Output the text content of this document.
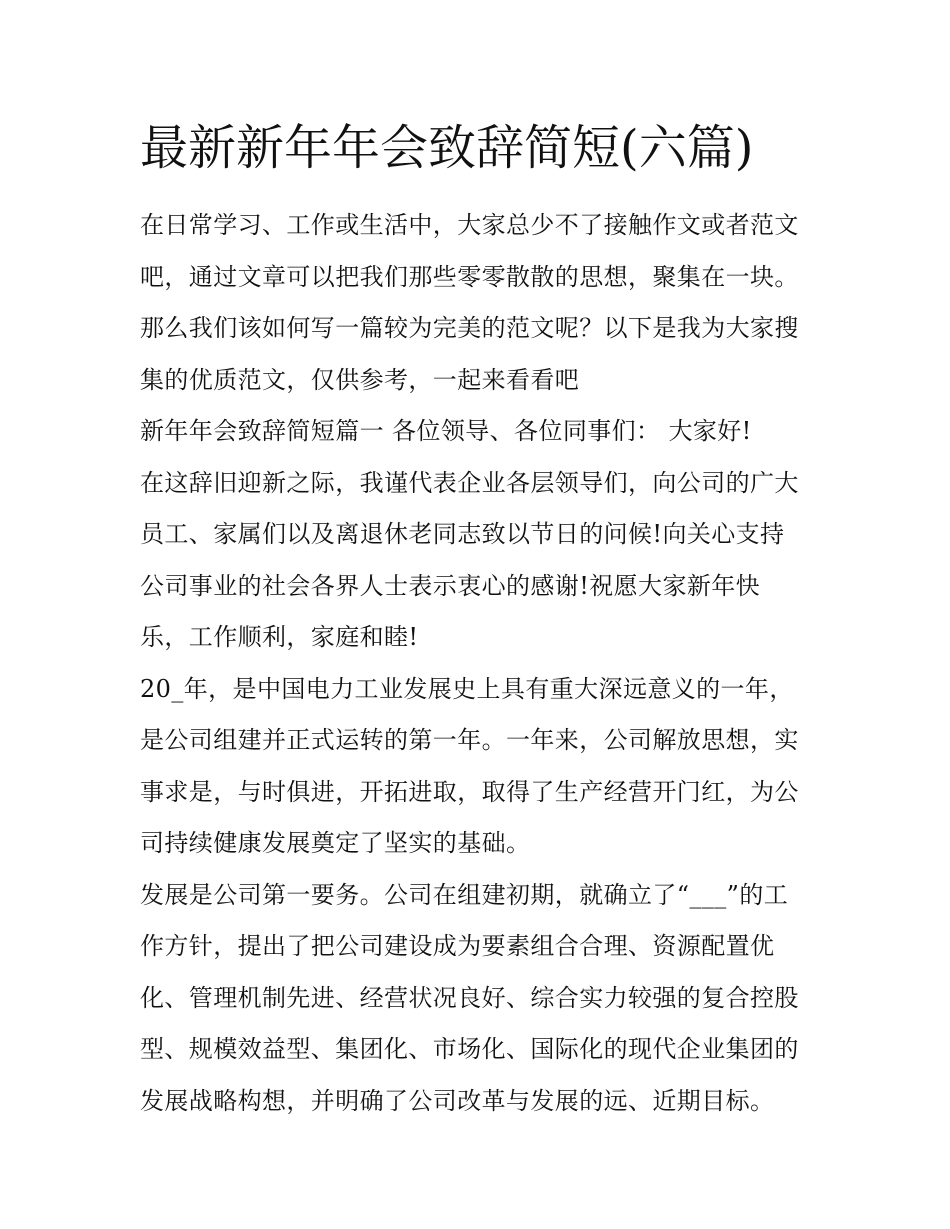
最新新年年会致辞简短(六篇)
在日常学习、工作或生活中，大家总少不了接触作文或者范文
吧，通过文章可以把我们那些零零散散的思想，聚集在一块。
那么我们该如何写一篇较为完美的范文呢？以下是我为大家搜
集的优质范文，仅供参考，一起来看看吧
新年年会致辞简短篇一 各位领导、各位同事们： 大家好!
在这辞旧迎新之际，我谨代表企业各层领导们，向公司的广大
员工、家属们以及离退休老同志致以节日的问候!向关心支持
公司事业的社会各界人士表示衷心的感谢!祝愿大家新年快
乐，工作顺利，家庭和睦!
20_年，是中国电力工业发展史上具有重大深远意义的一年，
是公司组建并正式运转的第一年。一年来，公司解放思想，实
事求是，与时俱进，开拓进取，取得了生产经营开门红，为公
司持续健康发展奠定了坚实的基础。
发展是公司第一要务。公司在组建初期，就确立了“___”的工
作方针，提出了把公司建设成为要素组合合理、资源配置优
化、管理机制先进、经营状况良好、综合实力较强的复合控股
型、规模效益型、集团化、市场化、国际化的现代企业集团的
发展战略构想，并明确了公司改革与发展的远、近期目标。
